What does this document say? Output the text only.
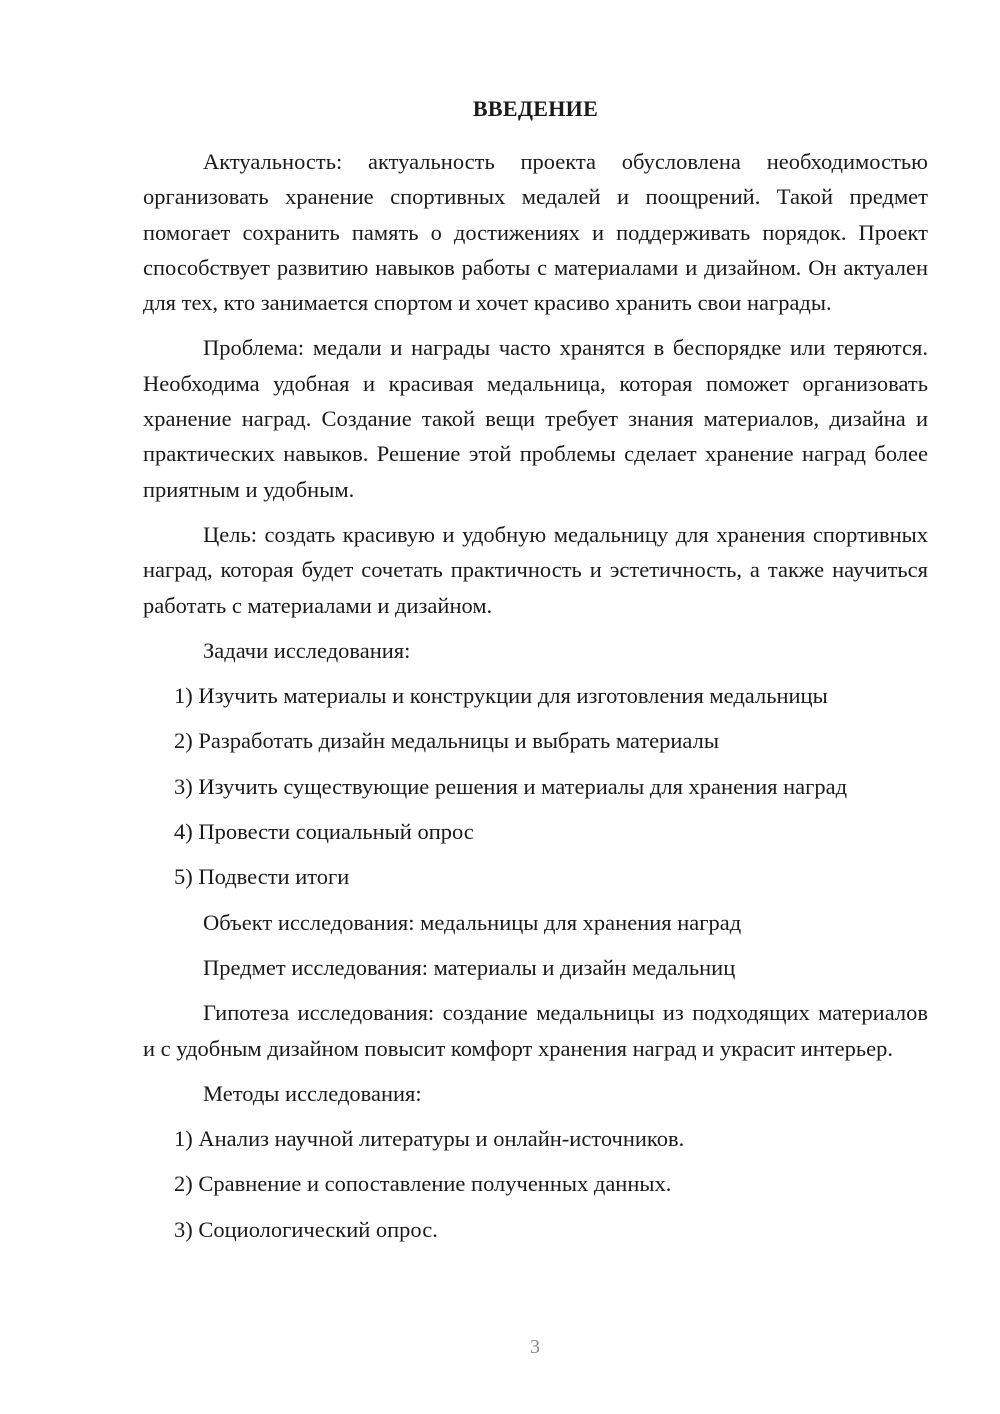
ВВЕДЕНИЕ

Актуальность: актуальность проекта обусловлена необходимостью организовать хранение спортивных медалей и поощрений. Такой предмет помогает сохранить память о достижениях и поддерживать порядок. Проект способствует развитию навыков работы с материалами и дизайном. Он актуален для тех, кто занимается спортом и хочет красиво хранить свои награды.

Проблема: медали и награды часто хранятся в беспорядке или теряются. Необходима удобная и красивая медальница, которая поможет организовать хранение наград. Создание такой вещи требует знания материалов, дизайна и практических навыков. Решение этой проблемы сделает хранение наград более приятным и удобным.

Цель: создать красивую и удобную медальницу для хранения спортивных наград, которая будет сочетать практичность и эстетичность, а также научиться работать с материалами и дизайном.

Задачи исследования:

1) Изучить материалы и конструкции для изготовления медальницы

2) Разработать дизайн медальницы и выбрать материалы

3) Изучить существующие решения и материалы для хранения наград

4) Провести социальный опрос

5) Подвести итоги

Объект исследования: медальницы для хранения наград

Предмет исследования: материалы и дизайн медальниц

Гипотеза исследования: создание медальницы из подходящих материалов и с удобным дизайном повысит комфорт хранения наград и украсит интерьер.

Методы исследования:

1) Анализ научной литературы и онлайн-источников.

2) Сравнение и сопоставление полученных данных.

3) Социологический опрос.

3
